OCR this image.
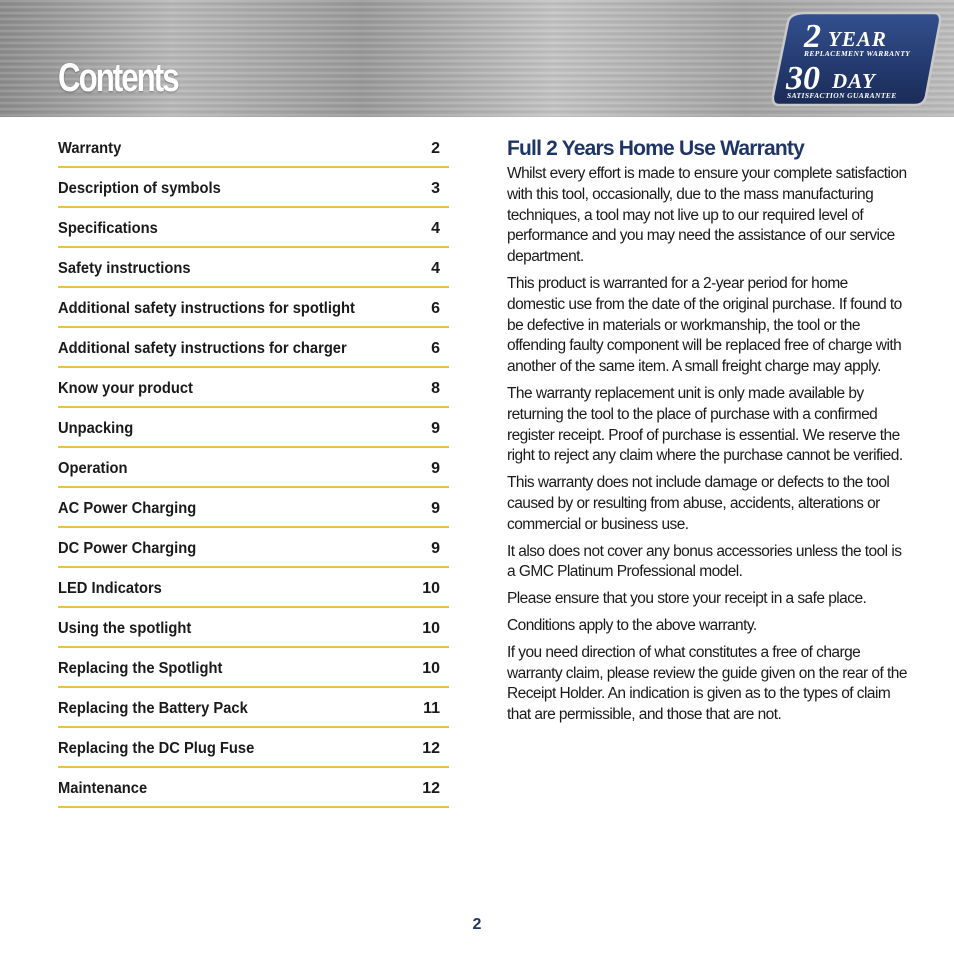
Contents
2 YEAR
REPLACEMENT WARRANTY
30 DAY
SATISFACTION GUARANTEE
Warranty	2
Description of symbols	3
Specifications	4
Safety instructions	4
Additional safety instructions for spotlight	6
Additional safety instructions for charger	6
Know your product	8
Unpacking	9
Operation	9
AC Power Charging	9
DC Power Charging	9
LED Indicators	10
Using the spotlight	10
Replacing the Spotlight	10
Replacing the Battery Pack	11
Replacing the DC Plug Fuse	12
Maintenance	12
Full 2 Years Home Use Warranty

Whilst every effort is made to ensure your complete satisfaction with this tool, occasionally, due to the mass manufacturing techniques, a tool may not live up to our required level of performance and you may need the assistance of our service department.

This product is warranted for a 2-year period for home domestic use from the date of the original purchase. If found to be defective in materials or workmanship, the tool or the offending faulty component will be replaced free of charge with another of the same item. A small freight charge may apply.

The warranty replacement unit is only made available by returning the tool to the place of purchase with a confirmed register receipt. Proof of purchase is essential. We reserve the right to reject any claim where the purchase cannot be verified.

This warranty does not include damage or defects to the tool caused by or resulting from abuse, accidents, alterations or commercial or business use.

It also does not cover any bonus accessories unless the tool is a GMC Platinum Professional model.

Please ensure that you store your receipt in a safe place.

Conditions apply to the above warranty.

If you need direction of what constitutes a free of charge warranty claim, please review the guide given on the rear of the Receipt Holder. An indication is given as to the types of claim that are permissible, and those that are not.

2
